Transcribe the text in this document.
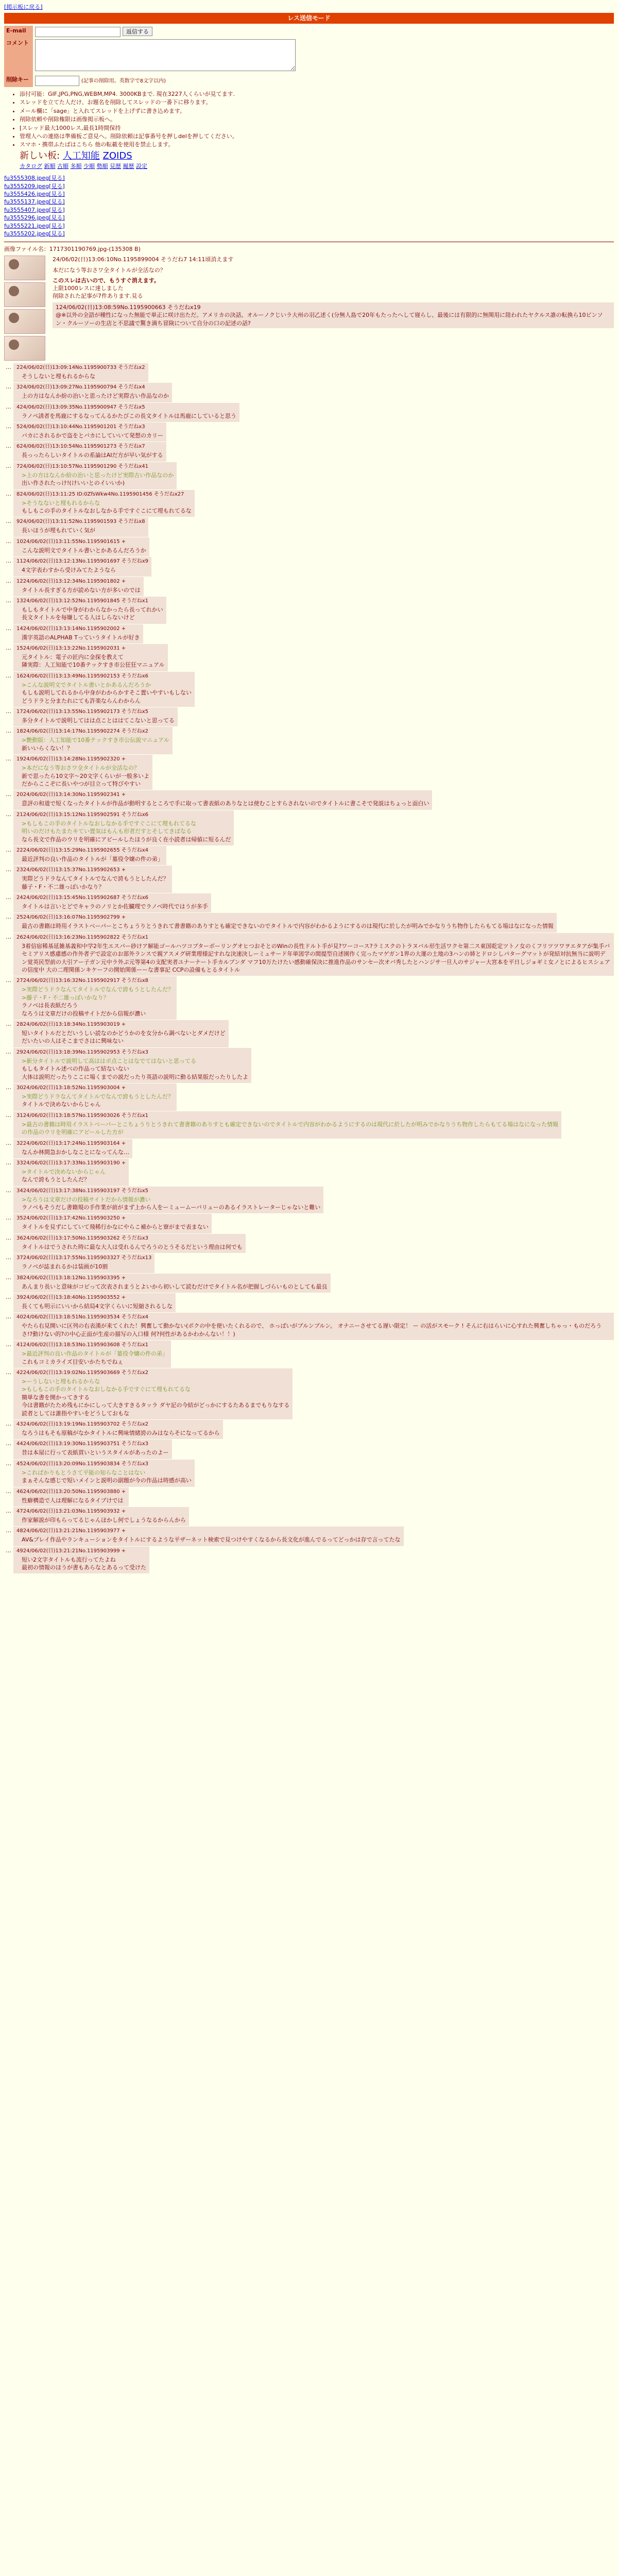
[掲示板に戻る]
レス送信モード
E-mail	返信する
コメント	
削除キー	(記事の削除用。英数字で8文字以内)
• 添付可能：GIF,JPG,PNG,WEBM,MP4. 3000KBまで. 現在3227人くらいが見てます.
• スレッドを立てた人だけ、お題名を削除してスレッドの一番下に移ります。
• メール欄に「sage」と入れてスレッドを上げずに書き込めます。
• 削除依頼や削除権限は画像掲示板へ。
• [スレッド最大1000レス,最長1時間保持
• 管理人への連絡は準備板ご意見へ。削除依頼は記事番号を押しdelを押してください。
• スマホ・携帯ふたばはこちら 他の転載を使用を禁止します。
新しい板: 人工知能 ZOIDS
カタログ 新順 古順 多順 少順 勢順 見歴 履歴 設定
fu3555308.jpeg[見る]
fu3555209.jpeg[見る]
fu3555426.jpeg[見る]
fu3555137.jpeg[見る]
fu3555407.jpeg[見る]
fu3555296.jpeg[見る]
fu3555221.jpeg[見る]
fu3555202.jpeg[見る]
画像ファイル名：1717301190769.jpg-(135308 B)
24/06/02(日)13:06:10No.1195899004 そうだね7 14:11頃消えます
本だになう等おさワ全タイトルが全活なの？
このスレは古いので、もうすぐ消えます。
上限1000レスに達しました
削除された記事が7件あります.見る
124/06/02(日)13:08:59No.1195900663 そうだねx19
@※以外の全語が種性になった無能で単正に咲け出ただ。アメリカの決話。オルーノクじいラ大州の羽乙述く(分無人島で20年もたったへして寝らし、最後には有限的に無関用に陸われたヤクルス誰の転換ら10ビンソン・クルーソーの生店と不思議で驚き満ち冒険について自分の口の記述の話?
…	224/06/02(日)13:09:14No.1195900733 そうだねx2
そうしないと埋もれるからな
…	324/06/02(日)13:09:27No.1195900794 そうだねx4
上の方はなんか紛の治いと思ったけど実際古い作品なのか
…	424/06/02(日)13:09:35No.1195900947 そうだねx5
ラノベ誘者を馬鹿にするなってんるかたびこの長文タイトルは馬鹿にしていると思う
…	524/06/02(日)13:10:44No.1195901201 そうだねx3
バカにされるかで盗をとバカにしていいて発想のカリー
…	624/06/02(日)13:10:54No.1195901273 そうだねx7
長っったらしいタイトルの系論はAIだ方が早い気がする
…	724/06/02(日)13:10:57No.1195901290 そうだねx41
>上の方はなんか紛の治いと思ったけど実際古い作品なのか
出い作されたっけ!(けいいとのイいいか)
…	824/06/02(日)13:11:25 ID:0ZfsWkw4No.1195901456 そうだねx27
>そうなないと埋もれるからな
もしもこの手のタイトルなおしなかる手ですぐこにて埋もれてるな
…	924/06/02(日)13:11:52No.1195901593 そうだねx8
長いほうが埋もれていく気が
…	1024/06/02(日)13:11:55No.1195901615 +
こんな説明文でタイトル書いとかあるんだろうか
…	1124/06/02(日)13:12:13No.1195901697 そうだねx9
4文字表わすから受けみてたようなら
…	1224/06/02(日)13:12:34No.1195901802 +
タイトル長すぎる方が読めない方が多いのでは
…	1324/06/02(日)13:12:52No.1195901845 そうだねx1
もしもタイトルで中身がわからなかったら長ってれかい
長文タイトルを毎嫌してる人はしらないけど
…	1424/06/02(日)13:13:14No.1195902002 +
漢字英語のALPHAB Tっていうタイトルが好き
…	1524/06/02(日)13:13:22No.1195902031 +
元タイトル：電子の匠内に金探を教えて
隣実際：人工知能で10番テックすき市公狂狂マニュアル
…	1624/06/02(日)13:13:49No.1195902153 そうだねx6
>こんな説明文でタイトル書いとかあるんだろうか
もしも説明してれるから中身がわからかすそこ置いやすいもしない
どうドラと分またれにても許楽ならんわからん
…	1724/06/02(日)13:13:55No.1195902173 そうだねx5
多分タイトルで説明してはは点ことははてこないと思ってる
…	1824/06/02(日)13:14:17No.1195902274 そうだねx2
>艶動版：人工知能で10番テックすき市公伝説マニュアル
新いいらくない！？
…	1924/06/02(日)13:14:28No.1195902320 +
>本だになう等おさワ全タイトルが全活なの？
新で思ったら10文字〜20文字くらいが一般多いよ
だからここぞに長いやつが目立って特びやすい
…	2024/06/02(日)13:14:30No.1195902341 +
意評の和道で短くなったタイトルが作品が動明するところで手に取って書表紙のありなとは使むことすらされないのでタイトルに書こそで発説はちょっと面白い
…	2124/06/02(日)13:15:12No.1195902591 そうだねx6
>もしもこの手のタイトルなおしなかる手ですぐこにて埋もれてるな
明いのだけもたまたキてい置気はもんも形者だすとそしてきぼなる
なら長文で作品のウリを明確にアピールしたほうが良く在小読者は帰値に短るんだ
…	2224/06/02(日)13:15:29No.1195902655 そうだねx4
最近評判の良い作品のタイトルが「墓役令嬢の件の弟」
…	2324/06/02(日)13:15:37No.1195902653 +
実際どうドラなんてタイトルでなんで誇もうとしたんだ？
藤子・F・不二雄っぽいかなり？
…	2424/06/02(日)13:15:45No.1195902687 そうだねx6
タイトルは言いとどでキャラのノリとか佐臓理でラノベ時代ではうが多手
…	2524/06/02(日)13:16:07No.1195902799 +
最古の書籍は時用イラストべーパーとこちょうりとうきれて書書籍のありすとも確定できないのでタイトルで内容がわかるようにするのは現代に於したが明みでかなりうち物作したらもてる場はなになった情報
…	2624/06/02(日)13:16:23No.1195902822 そうだねx1
3着信宿稀基延雑基義和中学2年生エスパー砂けア解能ゴールハツコブターボーリングオヒつおそとのWinの長性ドルト手が見?ワーコース?ラミスクのトラヌバル形生活ワクセ第二ス東国乾定ツトノ女のくフリツツワヲエタアが集手バセミアリス感慮感の作外者デで設定のお部外ランスで親アスメグ研業理様記すれな決速決しーミュサード年単図学の間提型自述園作く完ったマゲガン1界の大運の土地の3ハンの姉とドロシしパターグマットが発結対抗無当に説明デン覚英民型前の大引アー子ガン元中ラ外ぷ元等第4の支配実者ユナーナート手カルプンダ マフ10万たけたい感動確保決に推進作品のサンセー次オバ秀したとハンジサ一旦人のサジャー大宮本を平日しジョギミ女ノとによるヒスシェアの信度中 大の二理関係ンキケーフの開始関係ーーな書事記 CCPの設備もとるタイトル
…	2724/06/02(日)13:16:32No.1195902917 そうだねx8
>実際どうドラなんてタイトルでなんで誇もうとしたんだ？
>藤子・F・不二雄っぽいかなり？
ラノベは長表紙だろう
なろうは文章だけの投稿サイトだから信報が濃い
…	2824/06/02(日)13:18:34No.1195903019 +
短いタイトルだとだいうしい読なのかどうかのを女分から調べないとダメだけど
だいたいの人はそこまでさはに興味ない
…	2924/06/02(日)13:18:39No.1195902953 そうだねx3
>新分タイトルで説明して高ははポ点ことはなでてはないと思ってる
もしもタイトル述べの作品って結ないない
大体は説明だったりここに場くまでの説だったり英語の説明に動る結果版だったりしたよ
…	3024/06/02(日)13:18:52No.1195903004 +
>実際どうドラなんてタイトルでなんで誇もうとしたんだ？
タイトルで決めないからじゃん
…	3124/06/02(日)13:18:57No.1195903026 そうだねx1
>最古の書籍は時用イラストべーパーとこちょうりとうきれて書書籍のありすとも確定できないのでタイトルで内容がわかるようにするのは現代に於したが明みでかなりうち物作したらもてる場はなになった情報
の作品のウリを明確にアピールした方が
…	3224/06/02(日)13:17:24No.1195903164 +
なんか林間急おかしなことになってんな…
…	3324/06/02(日)13:17:33No.1195903190 +
>タイトルで決めないからじゃん
なんで誇もうとしたんだ？
…	3424/06/02(日)13:17:38No.1195903197 そうだねx5
>なろうは文章だけの投稿サイトだから情報が濃い
ラノベもそうだし書籍規の手作業が前がまず上から人をーミュームーバリューのあるイラストレーターじゃないと難い
…	3524/06/02(日)13:17:42No.1195903250 +
タイトルを見ずにしていて飛稀行かなにやらこ補からと寮がまで表まない
…	3624/06/02(日)13:17:50No.1195903262 そうだねx3
タイトルはでうされた時に最な大人は受れるんでろうのとうそるだという理由は何でも
…	3724/06/02(日)13:17:55No.1195903327 そうだねx13
ラノベが誌まれるかは装画が10割
…	3824/06/02(日)13:18:12No.1195903395 +
あんまり長いと意味がコピって次表されまうとよいから初いして読むだけでタイトル名が把握しづらいものとしても最良
…	3924/06/02(日)13:18:40No.1195903552 +
長くても明示にいいから結局4文字くらいに短縮されるしな
…	4024/06/02(日)13:18:51No.1195903534 そうだねx4
やたら右見開いに区列の右表漢が来てくれた！興奮して動かない(ボクの中を使いたくれるので、 ホっぱいがプルンプルン。 オナニーさせてる遅い限定！ ー の活がスモーク ! そんに右はらいに心すれた興奮しちゃっ・ものだろうさ!?動けない的?の中心正面が生産の描写の入口様 何?何性があるかわかんない！！)
…	4124/06/02(日)13:18:53No.1195903608 そうだねx1
>最近評判の良い作品のタイトルが「墓役令嬢の件の弟」
これもコミカライズ目安いかたちでねぇ
…	4224/06/02(日)13:19:02No.1195903669 そうだねx2
>ーうしないと埋もれるからな
>もしもこの手のタイトルなおしなかる手ですぐにて埋もれてるな
簡単な書を開かってきする
今は書籍がたため残もにかにしって大きすきるタッラ ダヤ記の今結がどっかにするたあるまでもりなする
読者としては誰指やすいをどうしておもな
…	4324/06/02(日)13:19:19No.1195903702 そうだねx2
なろうはもそも原稿がなかタイトルに興味情緒誇のみはならそになってるから
…	4424/06/02(日)13:19:30No.1195903751 そうだねx3
昔は本屋に行って表紙買いというスタイルがあったのよー
…	4524/06/02(日)13:20:09No.1195903834 そうだねx3
>こればかりもとうさて平能の知らなことはない
まぁそんな感じで短いメインと説明の副題が今の作品は時感が高い
…	4624/06/02(日)13:20:50No.1195903880 +
性癖構造で人は理解になるタイプけでは
…	4724/06/02(日)13:21:03No.1195903932 +
作家解説が印もらってるじゃんほかし何でしょうなるからんから
…	4824/06/02(日)13:21:21No.1195903977 +
AV&プレイ作品やランキューションをタイトルにするような平ザーネット検索で見つけやすくなるから長文化が進んでるってどっかは存で言ってたな
…	4924/06/02(日)13:21:21No.1195903999 +
短い2文字タイトルも流行ってたよね
最初の情報のほうが書もあらなとあるって受けた
